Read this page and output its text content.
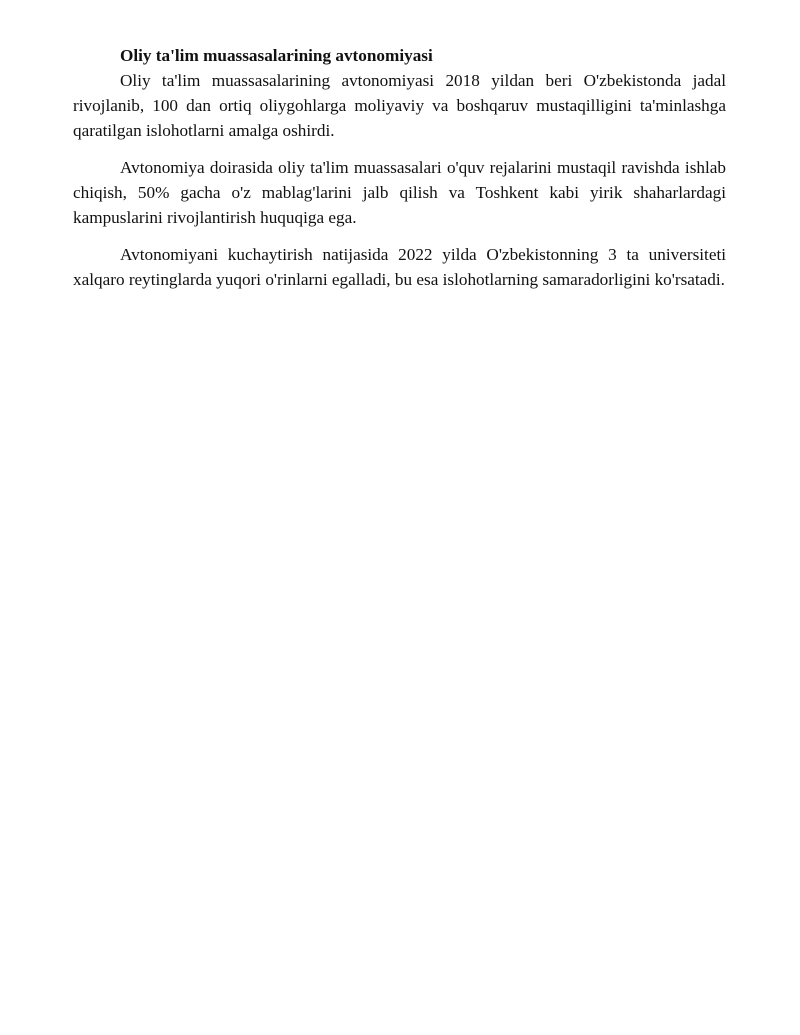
Oliy ta'lim muassasalarining avtonomiyasi

Oliy ta'lim muassasalarining avtonomiyasi 2018 yildan beri O'zbekistonda jadal rivojlanib, 100 dan ortiq oliygohlarga moliyaviy va boshqaruv mustaqilligini ta'minlashga qaratilgan islohotlarni amalga oshirdi.

Avtonomiya doirasida oliy ta'lim muassasalari o'quv rejalarini mustaqil ravishda ishlab chiqish, 50% gacha o'z mablag'larini jalb qilish va Toshkent kabi yirik shaharlardagi kampuslarini rivojlantirish huquqiga ega.

Avtonomiyani kuchaytirish natijasida 2022 yilda O'zbekistonning 3 ta universiteti xalqaro reytinglarda yuqori o'rinlarni egalladi, bu esa islohotlarning samaradorligini ko'rsatadi.
